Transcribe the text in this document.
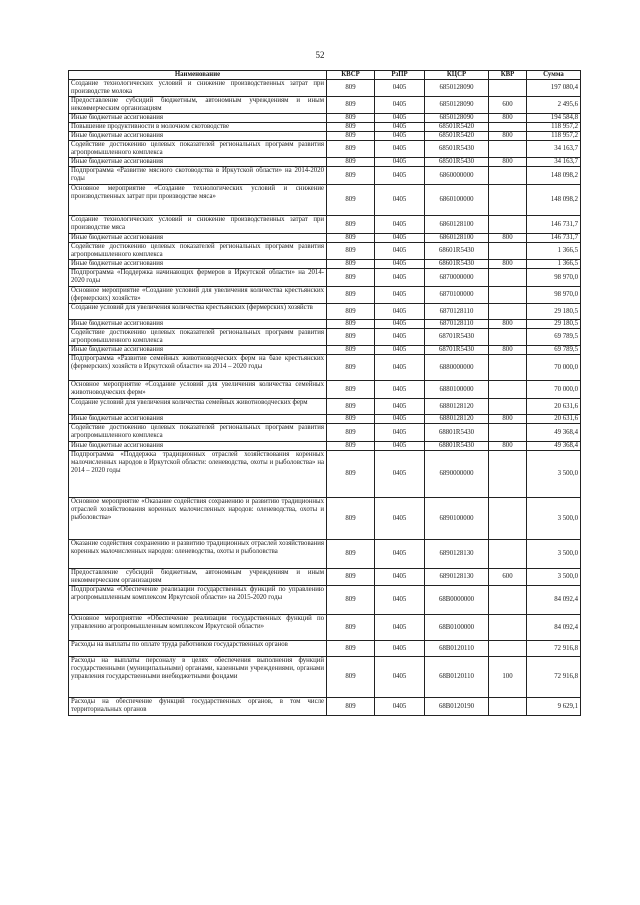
52
Наименование	КВСР	РзПР	КЦСР	КВР	Сумма
Создание технологических условий и снижение производственных затрат при производстве молока	809	0405	6850128090		197 080,4
Предоставление субсидий бюджетным, автономным учреждениям и иным некоммерческим организациям	809	0405	6850128090	600	2 495,6
Иные бюджетные ассигнования	809	0405	6850128090	800	194 584,8
Повышение продуктивности в молочном скотоводстве	809	0405	68501R5420		118 957,2
Иные бюджетные ассигнования	809	0405	68501R5420	800	118 957,2
Содействие достижению целевых показателей региональных программ развития агропромышленного комплекса	809	0405	68501R5430		34 163,7
Иные бюджетные ассигнования	809	0405	68501R5430	800	34 163,7
Подпрограмма «Развитие мясного скотоводства в Иркутской области» на 2014-2020 годы	809	0405	6860000000		148 098,2
Основное мероприятие «Создание технологических условий и снижение производственных затрат при производстве мяса»	809	0405	6860100000		148 098,2
Создание технологических условий и снижение производственных затрат при производстве мяса	809	0405	6860128100		146 731,7
Иные бюджетные ассигнования	809	0405	6860128100	800	146 731,7
Содействие достижению целевых показателей региональных программ развития агропромышленного комплекса	809	0405	68601R5430		1 366,5
Иные бюджетные ассигнования	809	0405	68601R5430	800	1 366,5
Подпрограмма «Поддержка начинающих фермеров в Иркутской области» на 2014-2020 годы	809	0405	6870000000		98 970,0
Основное мероприятие «Создание условий для увеличения количества крестьянских (фермерских) хозяйств»	809	0405	6870100000		98 970,0
Создание условий для увеличения количества крестьянских (фермерских) хозяйств	809	0405	6870128110		29 180,5
Иные бюджетные ассигнования	809	0405	6870128110	800	29 180,5
Содействие достижению целевых показателей региональных программ развития агропромышленного комплекса	809	0405	68701R5430		69 789,5
Иные бюджетные ассигнования	809	0405	68701R5430	800	69 789,5
Подпрограмма «Развитие семейных животноводческих ферм на базе крестьянских (фермерских) хозяйств в Иркутской области» на 2014 – 2020 годы	809	0405	6880000000		70 000,0
Основное мероприятие «Создание условий для увеличения количества семейных животноводческих ферм»	809	0405	6880100000		70 000,0
Создание условий для увеличения количества семейных животноводческих ферм	809	0405	6880128120		20 631,6
Иные бюджетные ассигнования	809	0405	6880128120	800	20 631,6
Содействие достижению целевых показателей региональных программ развития агропромышленного комплекса	809	0405	68801R5430		49 368,4
Иные бюджетные ассигнования	809	0405	68801R5430	800	49 368,4
Подпрограмма «Поддержка традиционных отраслей хозяйствования коренных малочисленных народов в Иркутской области: оленеводства, охоты и рыболовства» на 2014 – 2020 годы	809	0405	6890000000		3 500,0
Основное мероприятие «Оказание содействия сохранению и развитию традиционных отраслей хозяйствования коренных малочисленных народов: оленеводства, охоты и рыболовства»	809	0405	6890100000		3 500,0
Оказание содействия сохранению и развитию традиционных отраслей хозяйствования коренных малочисленных народов: оленеводства, охоты и рыболовства	809	0405	6890128130		3 500,0
Предоставление субсидий бюджетным, автономным учреждениям и иным некоммерческим организациям	809	0405	6890128130	600	3 500,0
Подпрограмма «Обеспечение реализации государственных функций по управлению агропромышленным комплексом Иркутской области» на 2015-2020 годы	809	0405	68B0000000		84 092,4
Основное мероприятие «Обеспечение реализации государственных функций по управлению агропромышленным комплексом Иркутской области»	809	0405	68B0100000		84 092,4
Расходы на выплаты по оплате труда работников государственных органов	809	0405	68B0120110		72 916,8
Расходы на выплаты персоналу в целях обеспечения выполнения функций государственными (муниципальными) органами, казенными учреждениями, органами управления государственными внебюджетными фондами	809	0405	68B0120110	100	72 916,8
Расходы на обеспечение функций государственных органов, в том числе территориальных органов	809	0405	68B0120190		9 629,1
